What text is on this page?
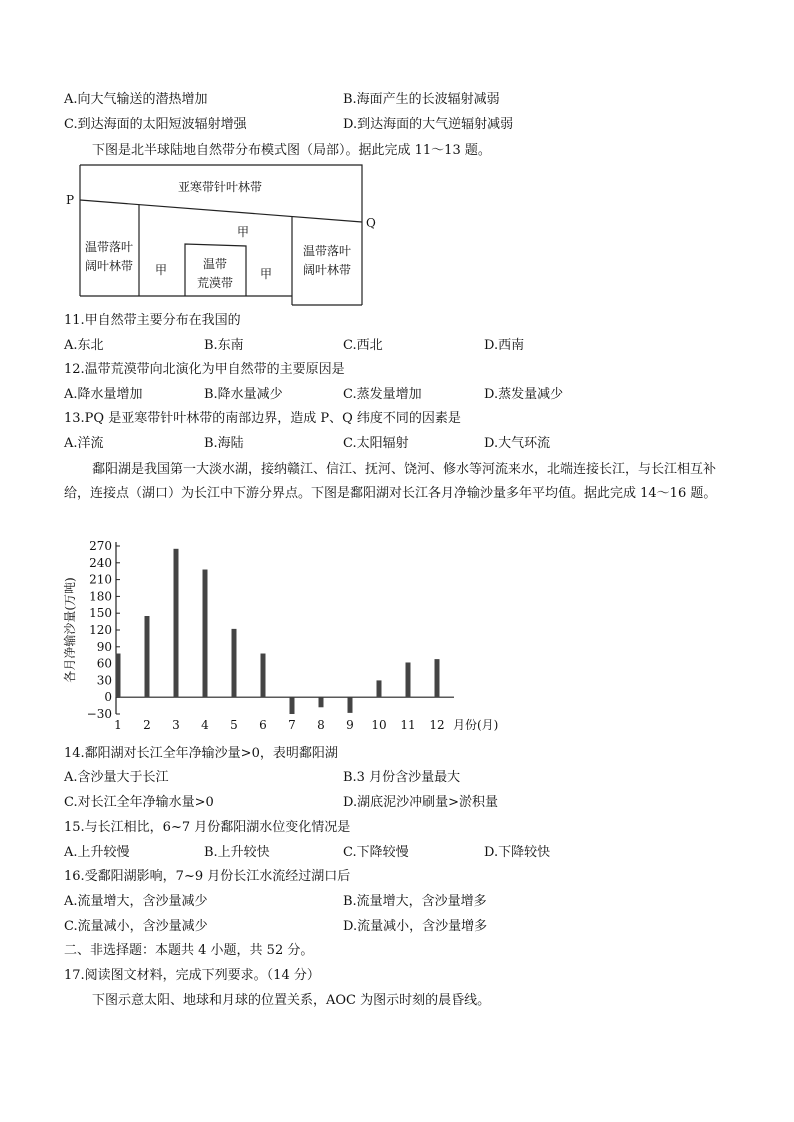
A.向大气输送的潜热增加	B.海面产生的长波辐射减弱
C.到达海面的太阳短波辐射增强	D.到达海面的大气逆辐射减弱
下图是北半球陆地自然带分布模式图（局部）。据此完成 11～13 题。
P
Q
亚寒带针叶林带
温带落叶
阔叶林带
温带落叶
阔叶林带
甲
甲	甲
温带
荒漠带
11.甲自然带主要分布在我国的
A.东北	B.东南	C.西北	D.西南
12.温带荒漠带向北演化为甲自然带的主要原因是
A.降水量增加	B.降水量减少	C.蒸发量增加	D.蒸发量减少
13.PQ 是亚寒带针叶林带的南部边界，造成 P、Q 纬度不同的因素是
A.洋流	B.海陆	C.太阳辐射	D.大气环流
鄱阳湖是我国第一大淡水湖，接纳赣江、信江、抚河、饶河、修水等河流来水，北端连接长江，与长江相互补给，连接点（湖口）为长江中下游分界点。下图是鄱阳湖对长江各月净输沙量多年平均值。据此完成 14～16 题。
270
240
210
180
150
120
90
60
30
0
−30
1 2 3 4 5 6 7 8 9 10 11 12 月份(月)
各月净输沙量(万吨)
14.鄱阳湖对长江全年净输沙量>0，表明鄱阳湖
A.含沙量大于长江	B.3 月份含沙量最大
C.对长江全年净输水量>0	D.湖底泥沙冲刷量>淤积量
15.与长江相比，6~7 月份鄱阳湖水位变化情况是
A.上升较慢	B.上升较快	C.下降较慢	D.下降较快
16.受鄱阳湖影响，7~9 月份长江水流经过湖口后
A.流量增大，含沙量减少	B.流量增大，含沙量增多
C.流量减小，含沙量减少	D.流量减小，含沙量增多
二、非选择题：本题共 4 小题，共 52 分。
17.阅读图文材料，完成下列要求。（14 分）
下图示意太阳、地球和月球的位置关系，AOC 为图示时刻的晨昏线。
